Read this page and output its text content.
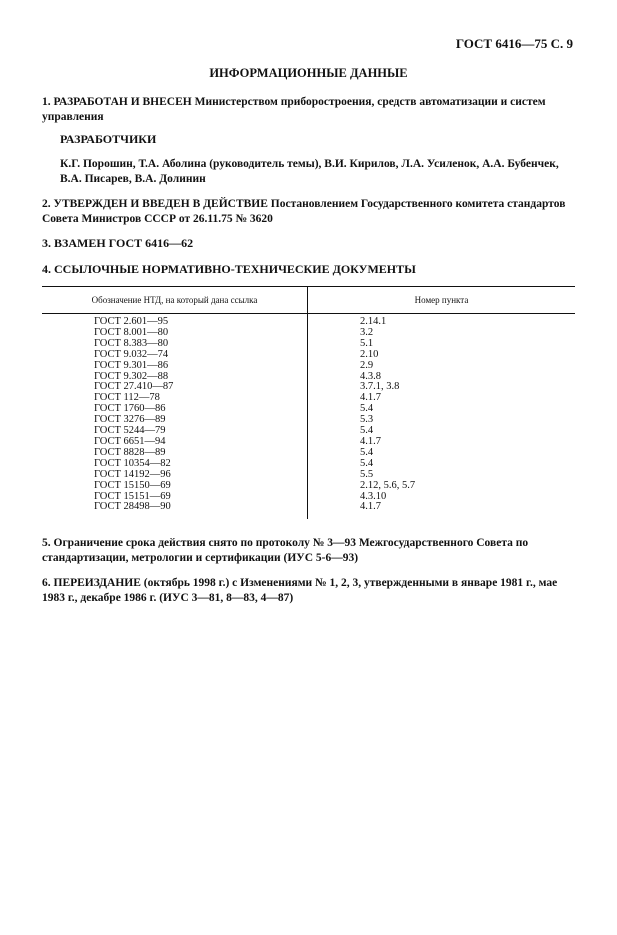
ГОСТ 6416—75 С. 9
ИНФОРМАЦИОННЫЕ ДАННЫЕ
1. РАЗРАБОТАН И ВНЕСЕН Министерством приборостроения, средств автоматизации и систем управления
РАЗРАБОТЧИКИ
К.Г. Порошин, Т.А. Аболина (руководитель темы), В.И. Кирилов, Л.А. Усиленок, А.А. Бубенчек, В.А. Писарев, В.А. Долинин
2. УТВЕРЖДЕН И ВВЕДЕН В ДЕЙСТВИЕ Постановлением Государственного комитета стандартов Совета Министров СССР от 26.11.75 № 3620
3. ВЗАМЕН ГОСТ 6416—62
4. ССЫЛОЧНЫЕ НОРМАТИВНО-ТЕХНИЧЕСКИЕ ДОКУМЕНТЫ
Обозначение НТД, на который дана ссылка	Номер пункта
ГОСТ 2.601—95	2.14.1
ГОСТ 8.001—80	3.2
ГОСТ 8.383—80	5.1
ГОСТ 9.032—74	2.10
ГОСТ 9.301—86	2.9
ГОСТ 9.302—88	4.3.8
ГОСТ 27.410—87	3.7.1, 3.8
ГОСТ 112—78	4.1.7
ГОСТ 1760—86	5.4
ГОСТ 3276—89	5.3
ГОСТ 5244—79	5.4
ГОСТ 6651—94	4.1.7
ГОСТ 8828—89	5.4
ГОСТ 10354—82	5.4
ГОСТ 14192—96	5.5
ГОСТ 15150—69	2.12, 5.6, 5.7
ГОСТ 15151—69	4.3.10
ГОСТ 28498—90	4.1.7
5. Ограничение срока действия снято по протоколу № 3—93 Межгосударственного Совета по стандартизации, метрологии и сертификации (ИУС 5-6—93)
6. ПЕРЕИЗДАНИЕ (октябрь 1998 г.) с Изменениями № 1, 2, 3, утвержденными в январе 1981 г., мае 1983 г., декабре 1986 г. (ИУС 3—81, 8—83, 4—87)
